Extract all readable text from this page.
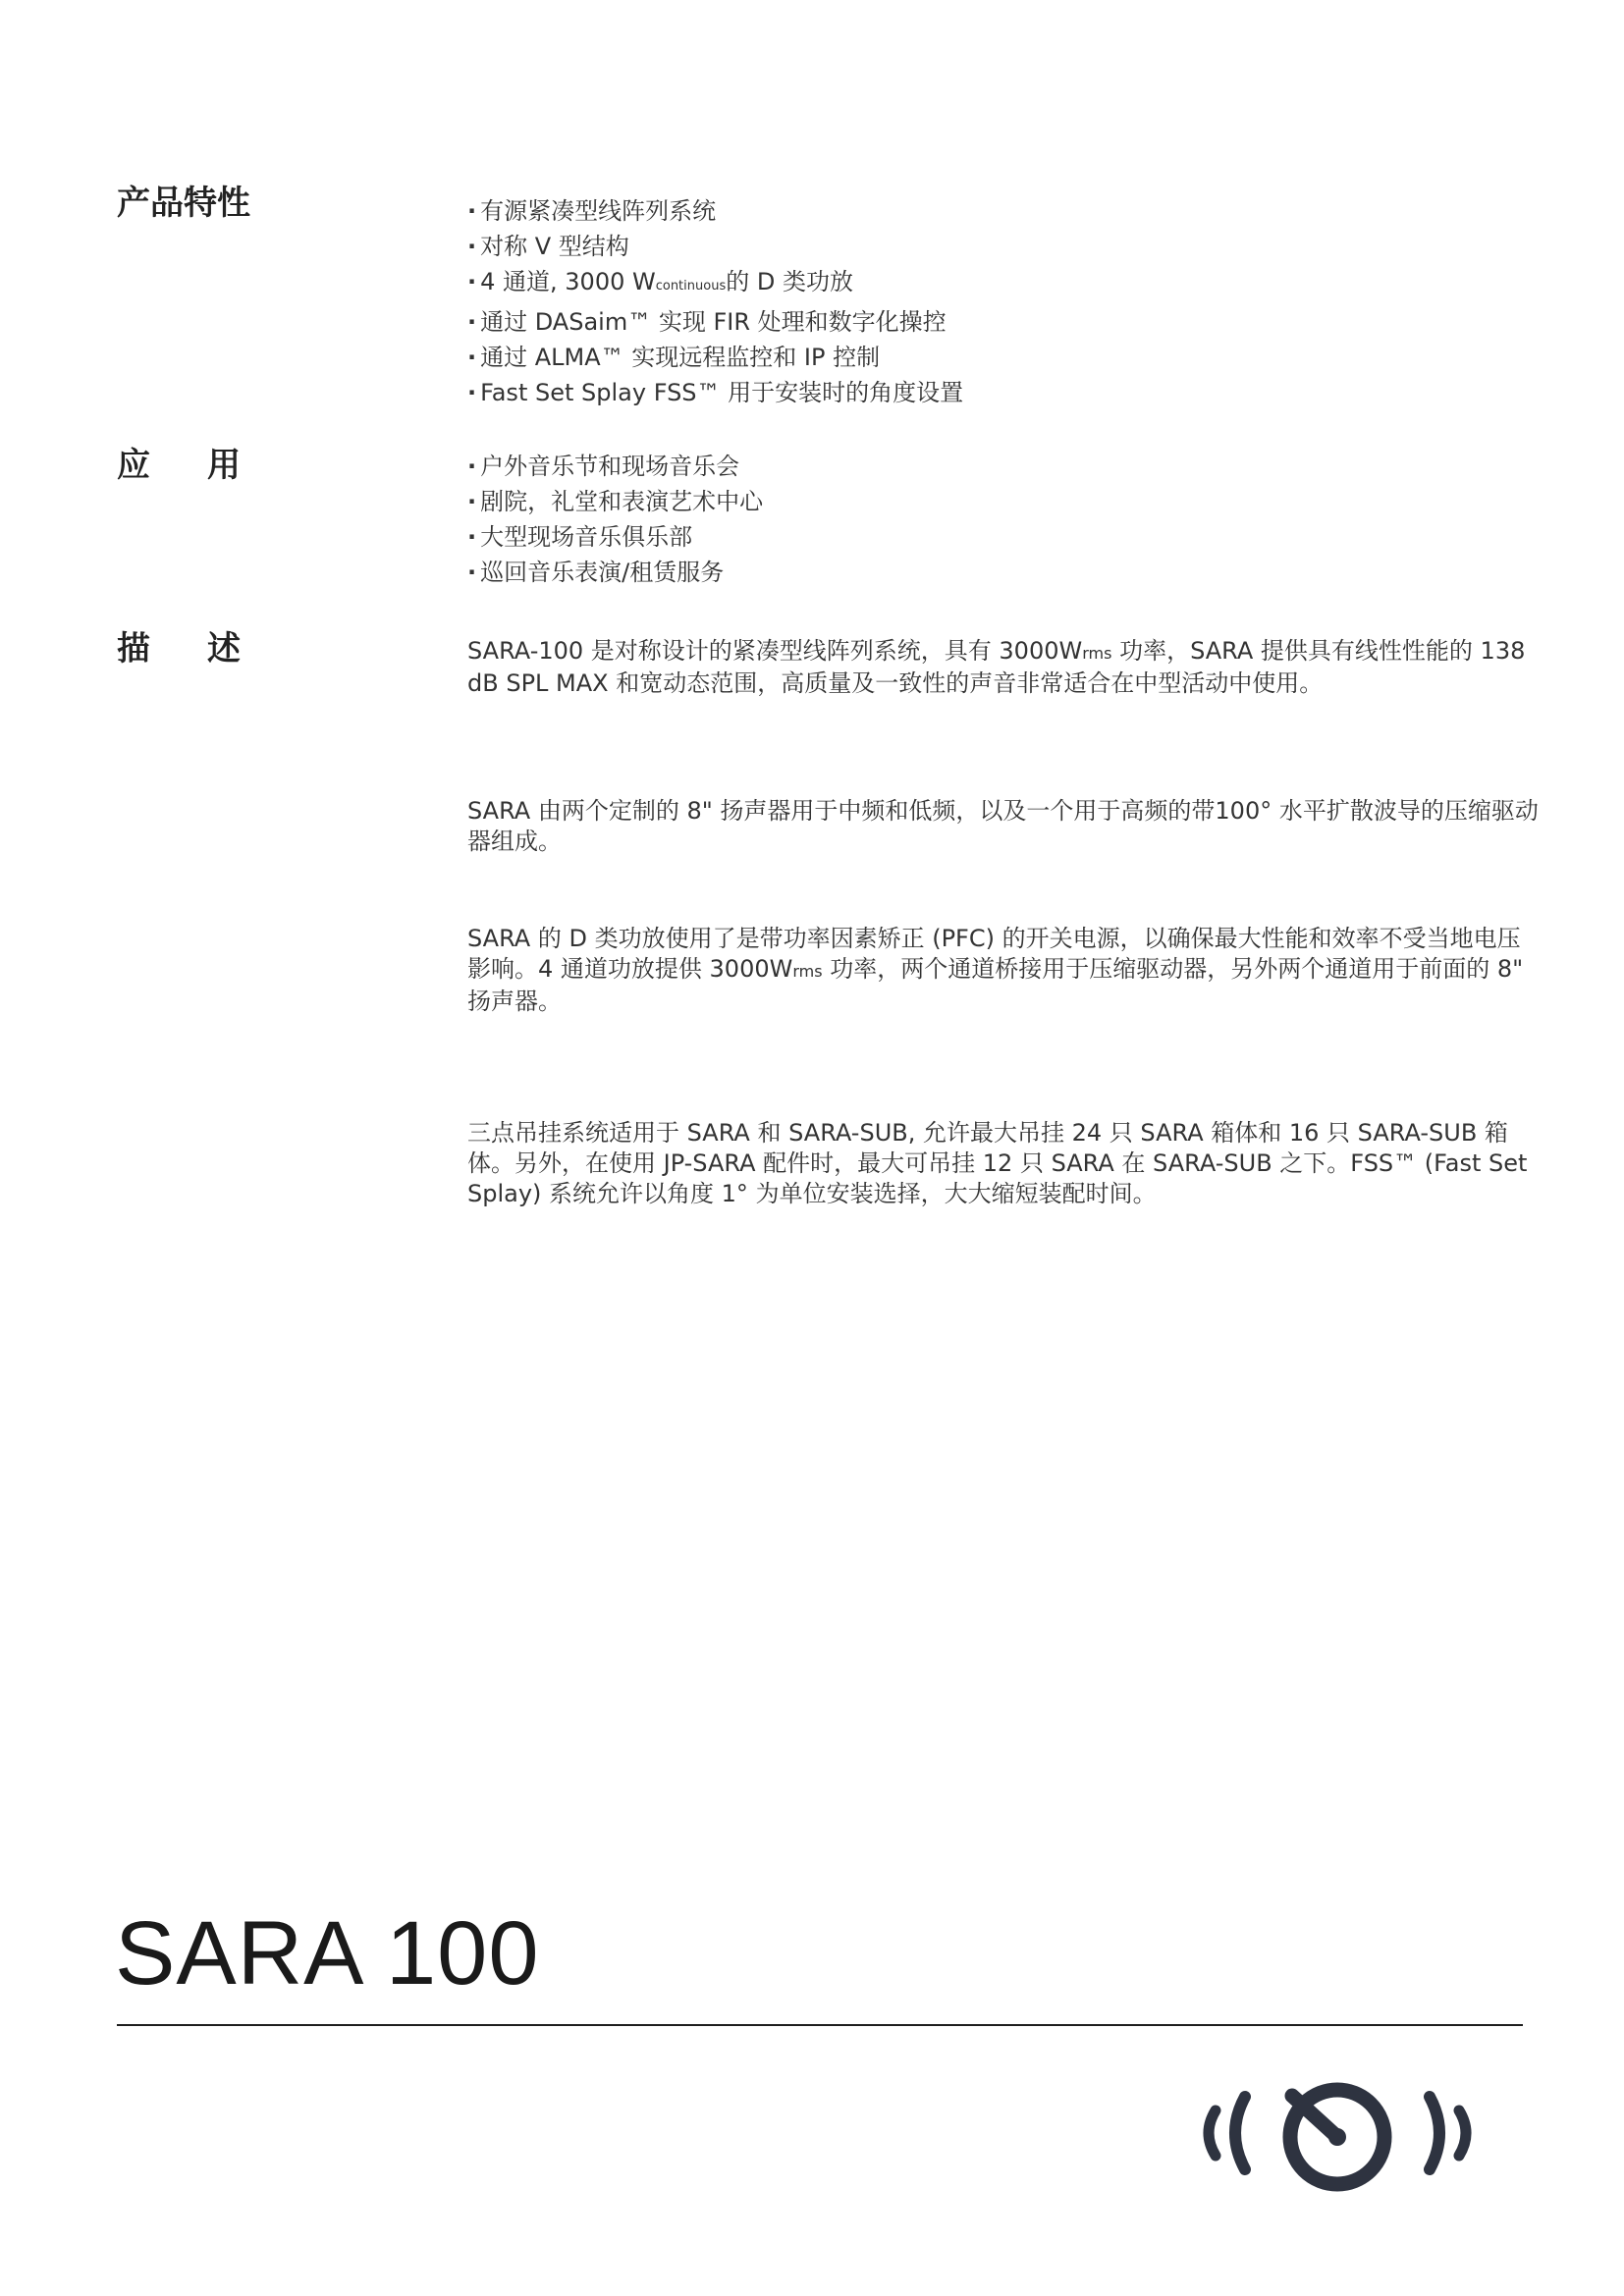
产品特性	· 有源紧凑型线阵列系统
· 对称 V 型结构
· 4 通道, 3000 Wcontinuous的 D 类功放
· 通过 DASaim™ 实现 FIR 处理和数字化操控
· 通过 ALMA™ 实现远程监控和 IP 控制
· Fast Set Splay FSS™ 用于安装时的角度设置
应用	· 户外音乐节和现场音乐会
· 剧院，礼堂和表演艺术中心
· 大型现场音乐俱乐部
· 巡回音乐表演/租赁服务
描述	SARA-100 是对称设计的紧凑型线阵列系统，具有 3000Wrms 功率，SARA 提供具有线性性能的 138 dB SPL MAX 和宽动态范围，高质量及一致性的声音非常适合在中型活动中使用。

SARA 由两个定制的 8" 扬声器用于中频和低频，以及一个用于高频的带100° 水平扩散波导的压缩驱动器组成。

SARA 的 D 类功放使用了是带功率因素矫正 (PFC) 的开关电源，以确保最大性能和效率不受当地电压影响。4 通道功放提供 3000Wrms 功率，两个通道桥接用于压缩驱动器，另外两个通道用于前面的 8" 扬声器。

三点吊挂系统适用于 SARA 和 SARA-SUB, 允许最大吊挂 24 只 SARA 箱体和 16 只 SARA-SUB 箱体。另外，在使用 JP-SARA 配件时，最大可吊挂 12 只 SARA 在 SARA-SUB 之下。FSS™ (Fast Set Splay) 系统允许以角度 1° 为单位安装选择，大大缩短装配时间。

SARA 100
